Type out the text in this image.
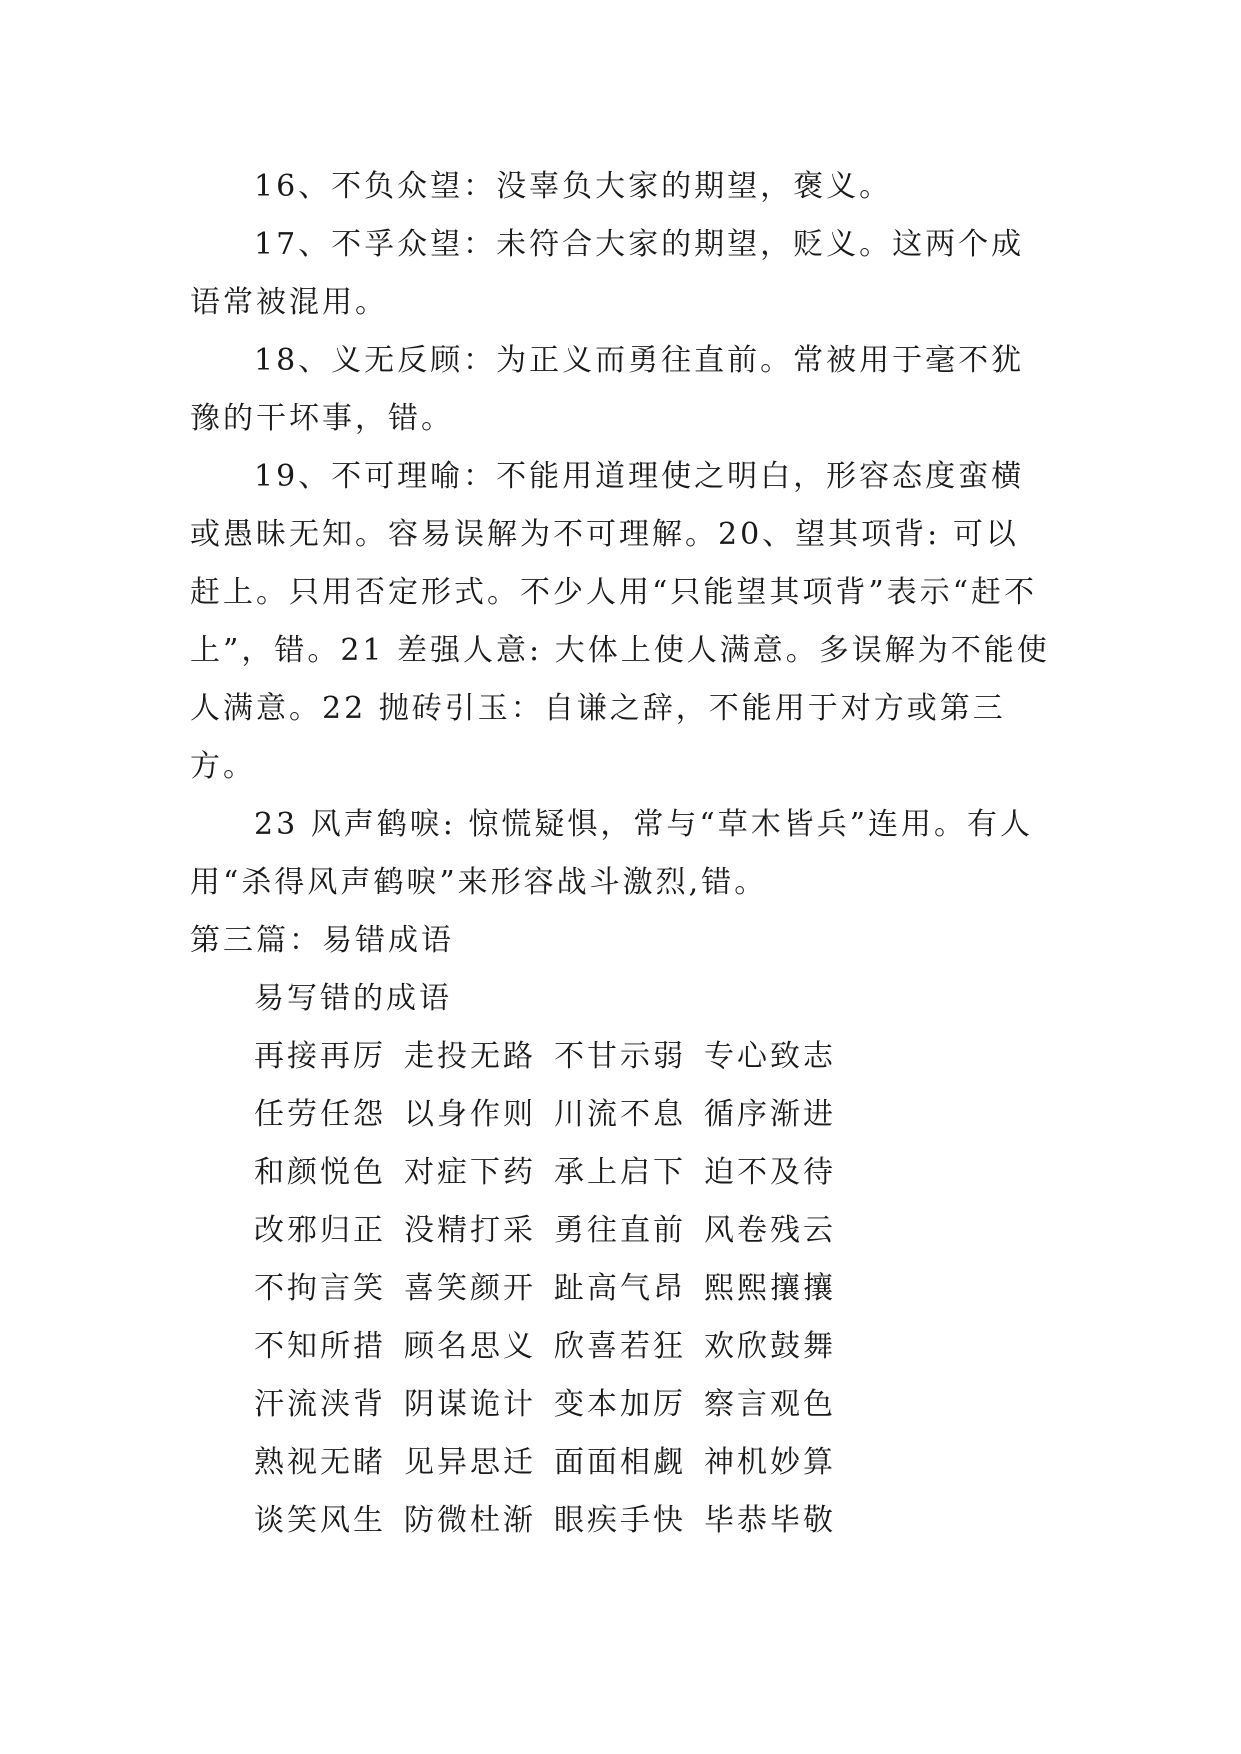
16、不负众望：没辜负大家的期望，褒义。

17、不孚众望：未符合大家的期望，贬义。这两个成语常被混用。

18、义无反顾：为正义而勇往直前。常被用于毫不犹豫的干坏事，错。

19、不可理喻：不能用道理使之明白，形容态度蛮横或愚昧无知。容易误解为不可理解。20、望其项背: 可以赶上。只用否定形式。不少人用“只能望其项背”表示“赶不上”，错。21 差强人意: 大体上使人满意。多误解为不能使人满意。22 抛砖引玉：自谦之辞，不能用于对方或第三方。

23 风声鹤唳: 惊慌疑惧，常与“草木皆兵”连用。有人用“杀得风声鹤唳”来形容战斗激烈,错。

第三篇：易错成语
易写错的成语
再接再厉 走投无路 不甘示弱 专心致志
任劳任怨 以身作则 川流不息 循序渐进
和颜悦色 对症下药 承上启下 迫不及待
改邪归正 没精打采 勇往直前 风卷残云
不拘言笑 喜笑颜开 趾高气昂 熙熙攘攘
不知所措 顾名思义 欣喜若狂 欢欣鼓舞
汗流浃背 阴谋诡计 变本加厉 察言观色
熟视无睹 见异思迁 面面相觑 神机妙算
谈笑风生 防微杜渐 眼疾手快 毕恭毕敬
